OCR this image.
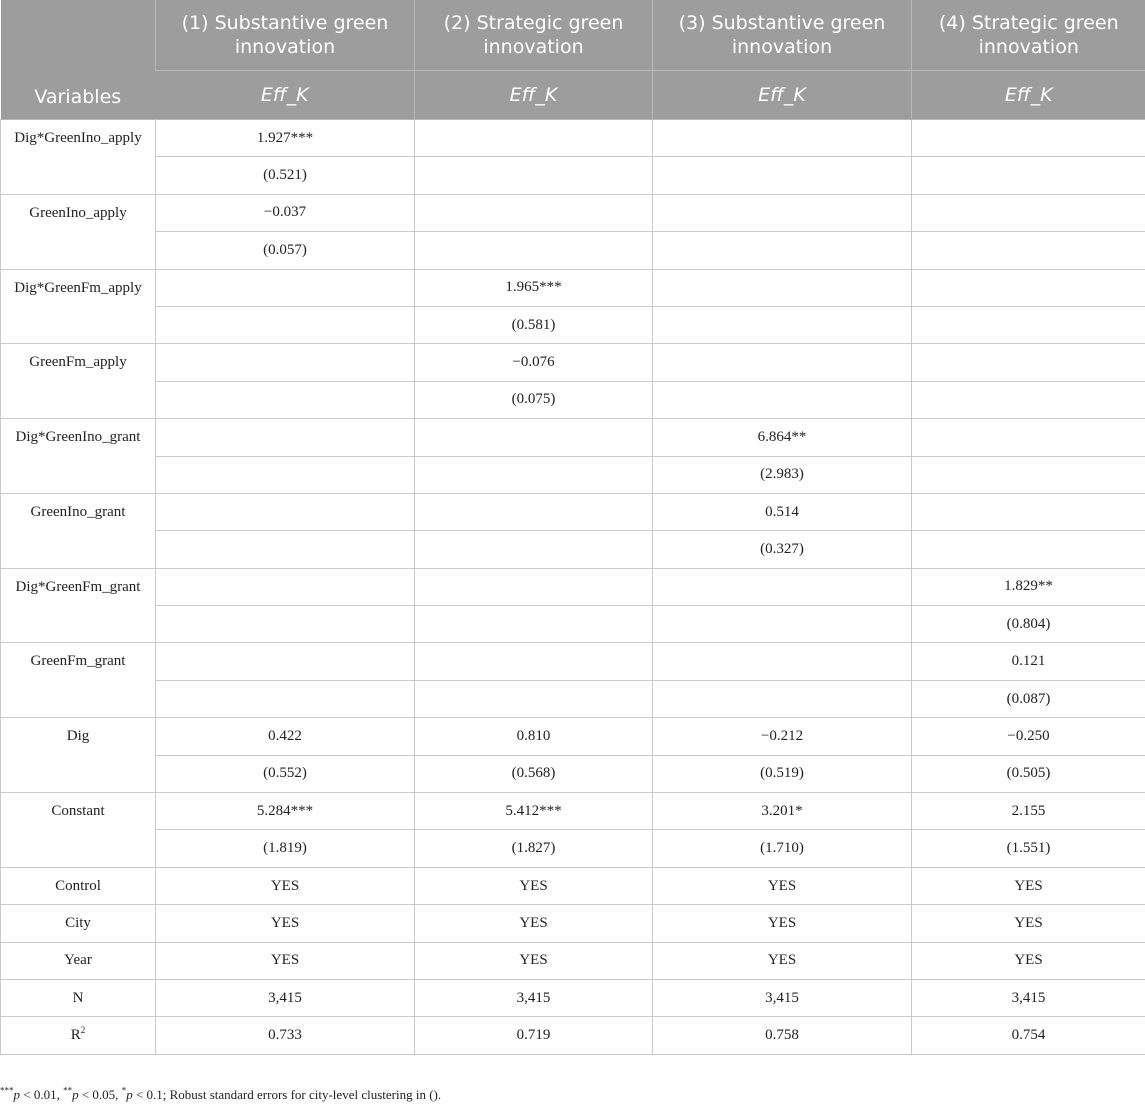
Variables	(1) Substantive green innovation	(2) Strategic green innovation	(3) Substantive green innovation	(4) Strategic green innovation
	Eff_K	Eff_K	Eff_K	Eff_K
Dig*GreenIno_apply	1.927***			
	(0.521)			
GreenIno_apply	−0.037			
	(0.057)			
Dig*GreenFm_apply		1.965***		
		(0.581)		
GreenFm_apply		−0.076		
		(0.075)		
Dig*GreenIno_grant			6.864**	
			(2.983)	
GreenIno_grant			0.514	
			(0.327)	
Dig*GreenFm_grant				1.829**
				(0.804)
GreenFm_grant				0.121
				(0.087)
Dig	0.422	0.810	−0.212	−0.250
	(0.552)	(0.568)	(0.519)	(0.505)
Constant	5.284***	5.412***	3.201*	2.155
	(1.819)	(1.827)	(1.710)	(1.551)
Control	YES	YES	YES	YES
City	YES	YES	YES	YES
Year	YES	YES	YES	YES
N	3,415	3,415	3,415	3,415
$R^2$	0.733	0.719	0.758	0.754
***p < 0.01, **p < 0.05, *p < 0.1; Robust standard errors for city-level clustering in ().
